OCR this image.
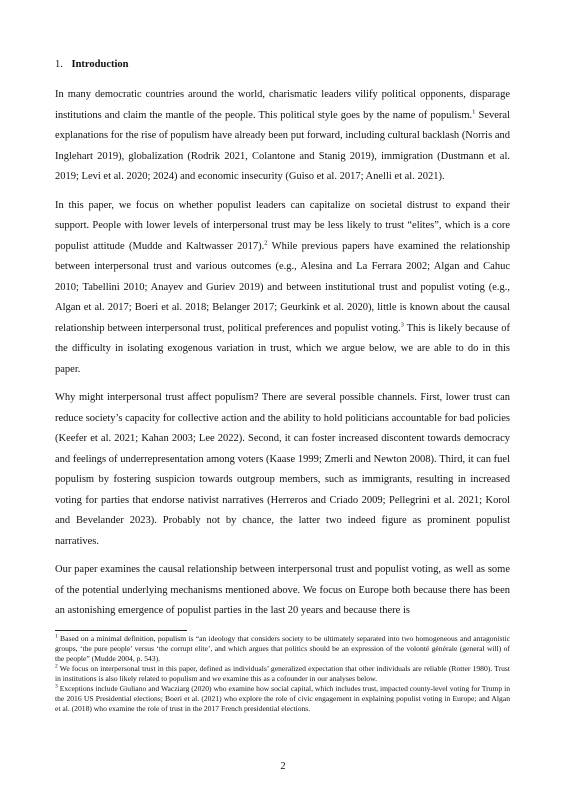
1. Introduction

In many democratic countries around the world, charismatic leaders vilify political opponents, disparage institutions and claim the mantle of the people. This political style goes by the name of populism.$^1$ Several explanations for the rise of populism have already been put forward, including cultural backlash (Norris and Inglehart 2019), globalization (Rodrik 2021, Colantone and Stanig 2019), immigration (Dustmann et al. 2019; Levi et al. 2020; 2024) and economic insecurity (Guiso et al. 2017; Anelli et al. 2021).

In this paper, we focus on whether populist leaders can capitalize on societal distrust to expand their support. People with lower levels of interpersonal trust may be less likely to trust “elites”, which is a core populist attitude (Mudde and Kaltwasser 2017).$^2$ While previous papers have examined the relationship between interpersonal trust and various outcomes (e.g., Alesina and La Ferrara 2002; Algan and Cahuc 2010; Tabellini 2010; Anayev and Guriev 2019) and between institutional trust and populist voting (e.g., Algan et al. 2017; Boeri et al. 2018; Belanger 2017; Geurkink et al. 2020), little is known about the causal relationship between interpersonal trust, political preferences and populist voting.$^3$ This is likely because of the difficulty in isolating exogenous variation in trust, which we argue below, we are able to do in this paper.

Why might interpersonal trust affect populism? There are several possible channels. First, lower trust can reduce society’s capacity for collective action and the ability to hold politicians accountable for bad policies (Keefer et al. 2021; Kahan 2003; Lee 2022). Second, it can foster increased discontent towards democracy and feelings of underrepresentation among voters (Kaase 1999; Zmerli and Newton 2008). Third, it can fuel populism by fostering suspicion towards outgroup members, such as immigrants, resulting in increased voting for parties that endorse nativist narratives (Herreros and Criado 2009; Pellegrini et al. 2021; Korol and Bevelander 2023). Probably not by chance, the latter two indeed figure as prominent populist narratives.

Our paper examines the causal relationship between interpersonal trust and populist voting, as well as some of the potential underlying mechanisms mentioned above. We focus on Europe both because there has been an astonishing emergence of populist parties in the last 20 years and because there is

$^1$ Based on a minimal definition, populism is “an ideology that considers society to be ultimately separated into two homogeneous and antagonistic groups, ‘the pure people’ versus ‘the corrupt elite’, and which argues that politics should be an expression of the volonté générale (general will) of the people” (Mudde 2004, p. 543).

$^2$ We focus on interpersonal trust in this paper, defined as individuals’ generalized expectation that other individuals are reliable (Rotter 1980). Trust in institutions is also likely related to populism and we examine this as a cofounder in our analyses below.

$^3$ Exceptions include Giuliano and Wacziarg (2020) who examine how social capital, which includes trust, impacted county-level voting for Trump in the 2016 US Presidential elections; Boeri et al. (2021) who explore the role of civic engagement in explaining populist voting in Europe; and Algan et al. (2018) who examine the role of trust in the 2017 French presidential elections.

2
